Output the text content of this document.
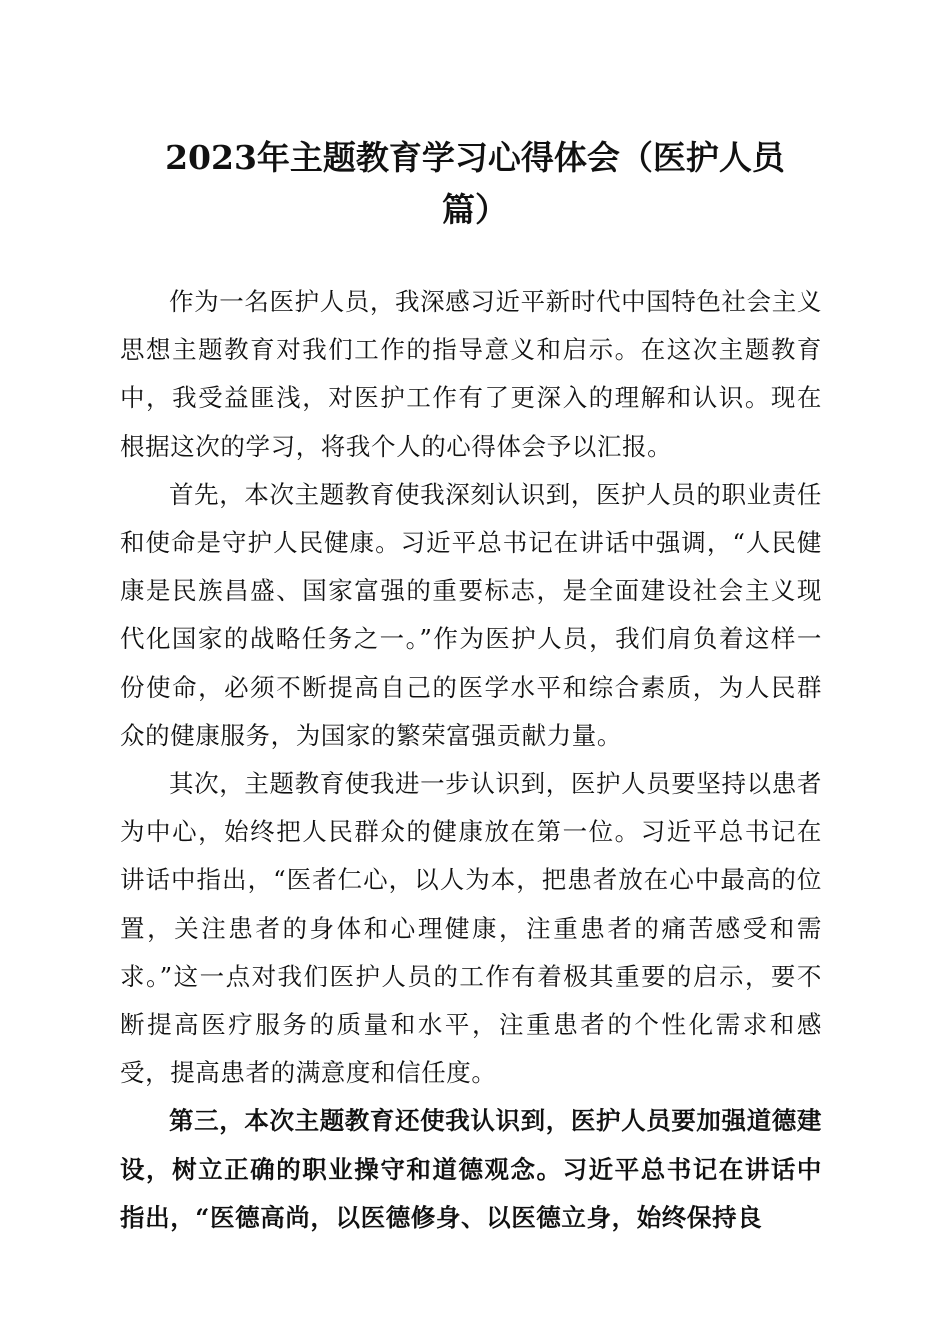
2023年主题教育学习心得体会（医护人员篇）

作为一名医护人员，我深感习近平新时代中国特色社会主义思想主题教育对我们工作的指导意义和启示。在这次主题教育中，我受益匪浅，对医护工作有了更深入的理解和认识。现在根据这次的学习，将我个人的心得体会予以汇报。

首先，本次主题教育使我深刻认识到，医护人员的职业责任和使命是守护人民健康。习近平总书记在讲话中强调，“人民健康是民族昌盛、国家富强的重要标志，是全面建设社会主义现代化国家的战略任务之一。”作为医护人员，我们肩负着这样一份使命，必须不断提高自己的医学水平和综合素质，为人民群众的健康服务，为国家的繁荣富强贡献力量。

其次，主题教育使我进一步认识到，医护人员要坚持以患者为中心，始终把人民群众的健康放在第一位。习近平总书记在讲话中指出，“医者仁心，以人为本，把患者放在心中最高的位置，关注患者的身体和心理健康，注重患者的痛苦感受和需求。”这一点对我们医护人员的工作有着极其重要的启示，要不断提高医疗服务的质量和水平，注重患者的个性化需求和感受，提高患者的满意度和信任度。

第三，本次主题教育还使我认识到，医护人员要加强道德建设，树立正确的职业操守和道德观念。习近平总书记在讲话中指出，“医德高尚，以医德修身、以医德立身，始终保持良
